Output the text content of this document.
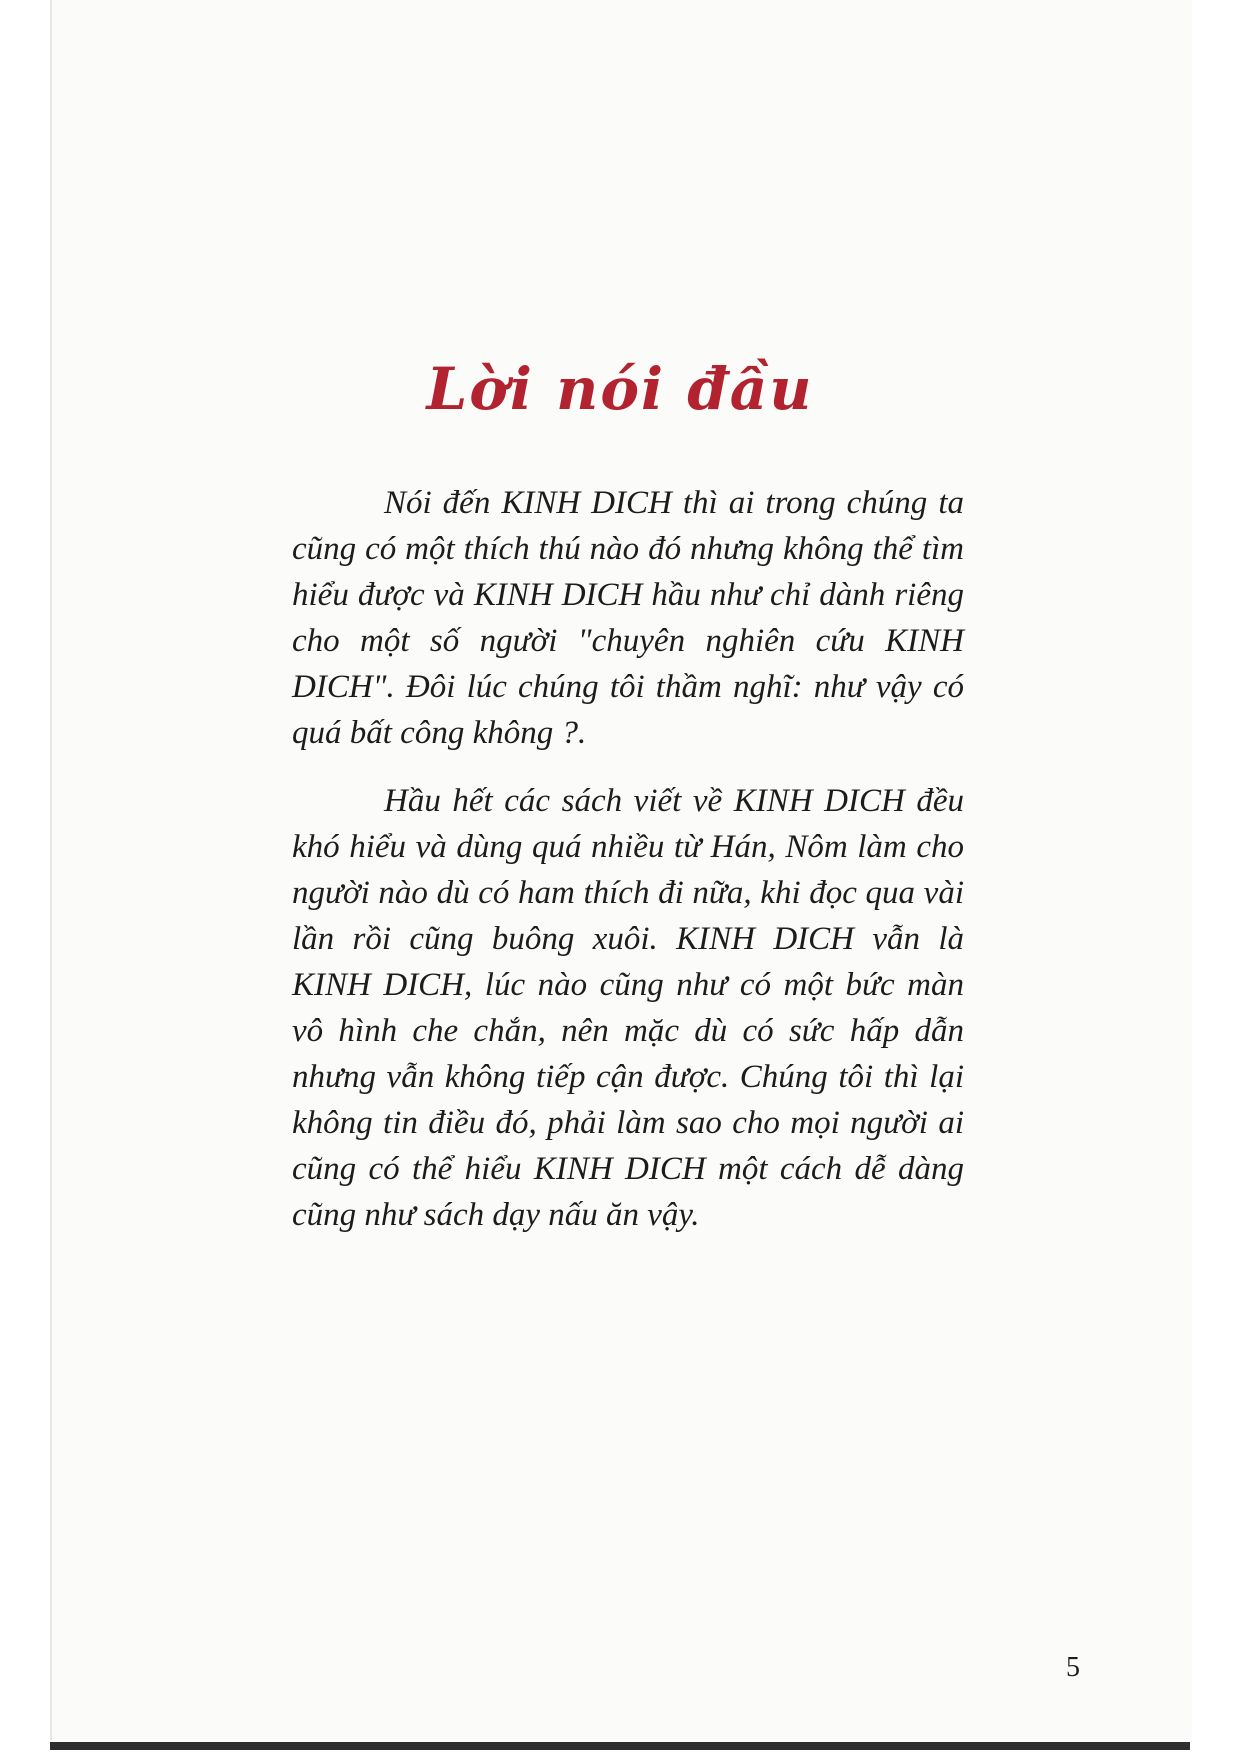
Lời nói đầu

Nói đến KINH DICH thì ai trong chúng ta cũng có một thích thú nào đó nhưng không thể tìm hiểu được và KINH DICH hầu như chỉ dành riêng cho một số người "chuyên nghiên cứu KINH DICH". Đôi lúc chúng tôi thầm nghĩ: như vậy có quá bất công không ?.

Hầu hết các sách viết về KINH DICH đều khó hiểu và dùng quá nhiều từ Hán, Nôm làm cho người nào dù có ham thích đi nữa, khi đọc qua vài lần rồi cũng buông xuôi. KINH DICH vẫn là KINH DICH, lúc nào cũng như có một bức màn vô hình che chắn, nên mặc dù có sức hấp dẫn nhưng vẫn không tiếp cận được. Chúng tôi thì lại không tin điều đó, phải làm sao cho mọi người ai cũng có thể hiểu KINH DICH một cách dễ dàng cũng như sách dạy nấu ăn vậy.

5
